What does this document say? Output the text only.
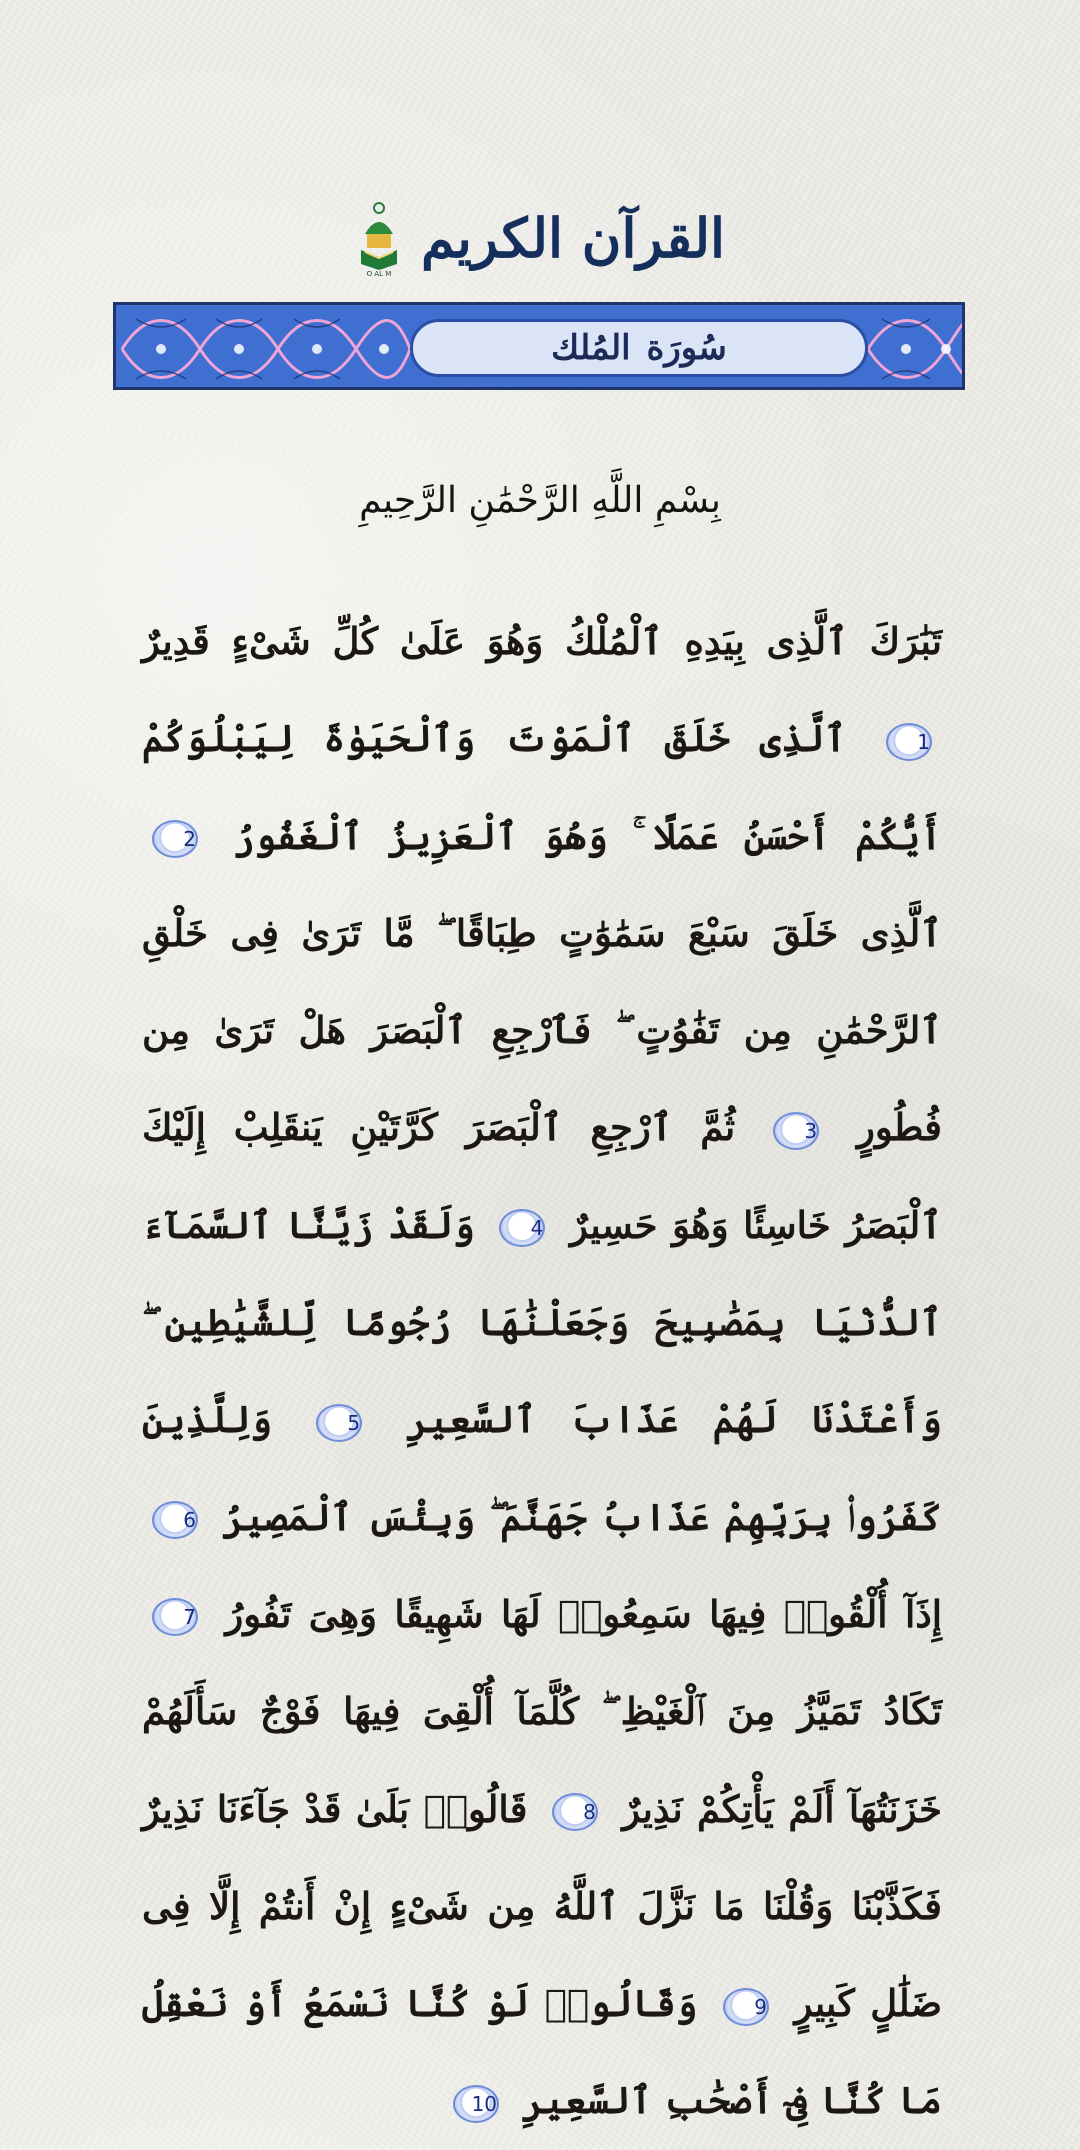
القرآن الكريم
Q AL M
سُورَة
المُلك
بِسْمِ اللَّهِ الرَّحْمَٰنِ الرَّحِيمِ
تَبَٰرَكَ ٱلَّذِى بِيَدِهِ ٱلْمُلْكُ وَهُوَ عَلَىٰ كُلِّ شَىْءٍ قَدِيرٌ 1 ٱلَّذِى خَلَقَ ٱلْمَوْتَ وَٱلْحَيَوٰةَ لِيَبْلُوَكُمْ أَيُّكُمْ أَحْسَنُ عَمَلًا ۚ وَهُوَ ٱلْعَزِيزُ ٱلْغَفُورُ 2 ٱلَّذِى خَلَقَ سَبْعَ سَمَٰوَٰتٍ طِبَاقًا ۖ مَّا تَرَىٰ فِى خَلْقِ ٱلرَّحْمَٰنِ مِن تَفَٰوُتٍ ۖ فَٱرْجِعِ ٱلْبَصَرَ هَلْ تَرَىٰ مِن فُطُورٍ 3 ثُمَّ ٱرْجِعِ ٱلْبَصَرَ كَرَّتَيْنِ يَنقَلِبْ إِلَيْكَ ٱلْبَصَرُ خَاسِئًا وَهُوَ حَسِيرٌ 4 وَلَقَدْ زَيَّنَّا ٱلسَّمَآءَ ٱلدُّنْيَا بِمَصَٰبِيحَ وَجَعَلْنَٰهَا رُجُومًا لِّلشَّيَٰطِينِ ۖ وَأَعْتَدْنَا لَهُمْ عَذَابَ ٱلسَّعِيرِ 5 وَلِلَّذِينَ كَفَرُوا۟ بِرَبِّهِمْ عَذَابُ جَهَنَّمَ ۖ وَبِئْسَ ٱلْمَصِيرُ 6 إِذَآ أُلْقُوا۟ فِيهَا سَمِعُوا۟ لَهَا شَهِيقًا وَهِىَ تَفُورُ 7 تَكَادُ تَمَيَّزُ مِنَ ٱلْغَيْظِ ۖ كُلَّمَآ أُلْقِىَ فِيهَا فَوْجٌ سَأَلَهُمْ خَزَنَتُهَآ أَلَمْ يَأْتِكُمْ نَذِيرٌ 8 قَالُوا۟ بَلَىٰ قَدْ جَآءَنَا نَذِيرٌ فَكَذَّبْنَا وَقُلْنَا مَا نَزَّلَ ٱللَّهُ مِن شَىْءٍ إِنْ أَنتُمْ إِلَّا فِى ضَلَٰلٍ كَبِيرٍ 9 وَقَالُوا۟ لَوْ كُنَّا نَسْمَعُ أَوْ نَعْقِلُ مَا كُنَّا فِىٓ أَصْحَٰبِ ٱلسَّعِيرِ 10
